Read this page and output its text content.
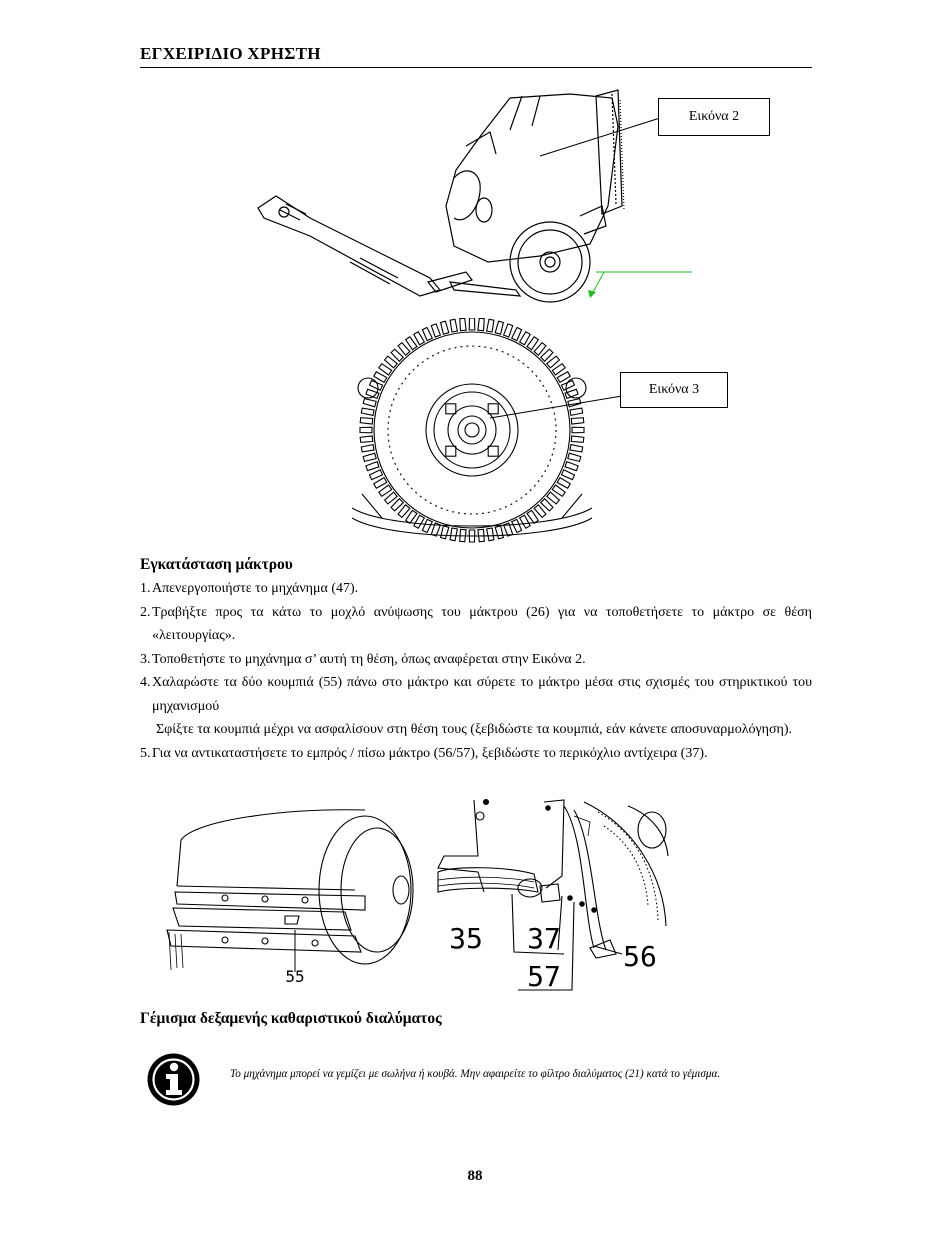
ΕΓΧΕΙΡΙΔΙΟ ΧΡΗΣΤΗ
Εικόνα 2
Εικόνα 3
Εγκατάσταση μάκτρου
1. Απενεργοποιήστε το μηχάνημα (47).
2. Τραβήξτε προς τα κάτω το μοχλό ανύψωσης του μάκτρου (26) για να τοποθετήσετε το μάκτρο σε θέση «λειτουργίας».
3. Τοποθετήστε το μηχάνημα σ’ αυτή τη θέση, όπως αναφέρεται στην Εικόνα 2.
4. Χαλαρώστε τα δύο κουμπιά (55) πάνω στο μάκτρο και σύρετε το μάκτρο μέσα στις σχισμές του στηρικτικού του μηχανισμού
Σφίξτε τα κουμπιά μέχρι να ασφαλίσουν στη θέση τους (ξεβιδώστε τα κουμπιά, εάν κάνετε αποσυναρμολόγηση).
5. Για να αντικαταστήσετε το εμπρός / πίσω μάκτρο (56/57), ξεβιδώστε το περικόχλιο αντίχειρα (37).
55
35 37
57
56
Γέμισμα δεξαμενής καθαριστικού διαλύματος
Το μηχάνημα μπορεί να γεμίζει με σωλήνα ή κουβά. Μην αφαιρείτε το φίλτρο διαλύματος (21) κατά το γέμισμα.
88
